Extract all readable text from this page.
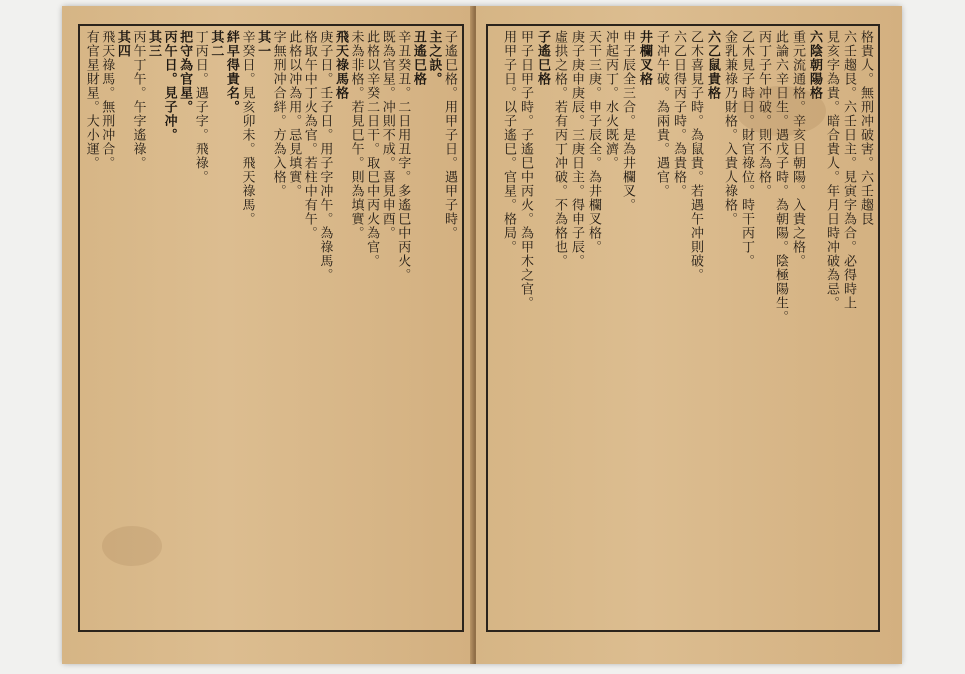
子遙巳格。用甲子日。遇甲子時。
主之訣。
丑遙巳格
辛丑癸丑。二日用丑字。多遙巳中丙火。
既為官星。冲則不成。喜見申酉。
此格以辛癸二日干。取巳中丙火為官。
未為非格。若見巳午。則為填實。
飛天祿馬格
庚子日。壬子日。用子字冲午。為祿馬。
格取午中丁火為官。若柱中有午。
此格以冲為用。忌見填實。
字無刑冲合絆。方為入格。
其一
辛癸日。見亥卯未。飛天祿馬。
絆早得貴名。
其二
丁丙日。遇子字。飛祿。
把守為官星。
丙午日。見子冲。
其三
丙午丁午。午字遙祿。
其四
飛天祿馬。無刑冲合。
有官星財星。大小運。	格貴人。無刑冲破害。六壬趨艮
六壬趨艮。六壬日主。見寅字為合。必得時上
見亥字為貴。暗合貴人。年月日時冲破為忌。
六陰朝陽格
重元流通格。辛亥日朝陽。入貴之格。
此論六辛日生。遇戊子時。為朝陽。陰極陽生。
丙丁子午冲破。則不為格。
乙木見子時日。財官祿位。時干丙丁。
金乳兼祿乃財格。入貴人祿格。
六乙鼠貴格
乙木喜見子時。為鼠貴。若遇午冲則破。
六乙日得丙子時。為貴格。
子冲午破。為兩貴。遇官。
井欄叉格
申子辰全三合。是為井欄叉。
冲起丙丁。水火既濟。
天干三庚。申子辰全。為井欄叉格。
庚子庚申庚辰。三庚日主。得申子辰。
虛拱之格。若有丙丁冲破。不為格也。
子遙巳格
甲子日甲子時。子遙巳中丙火。為甲木之官。
用甲子日。以子遙巳。官星。格局。
